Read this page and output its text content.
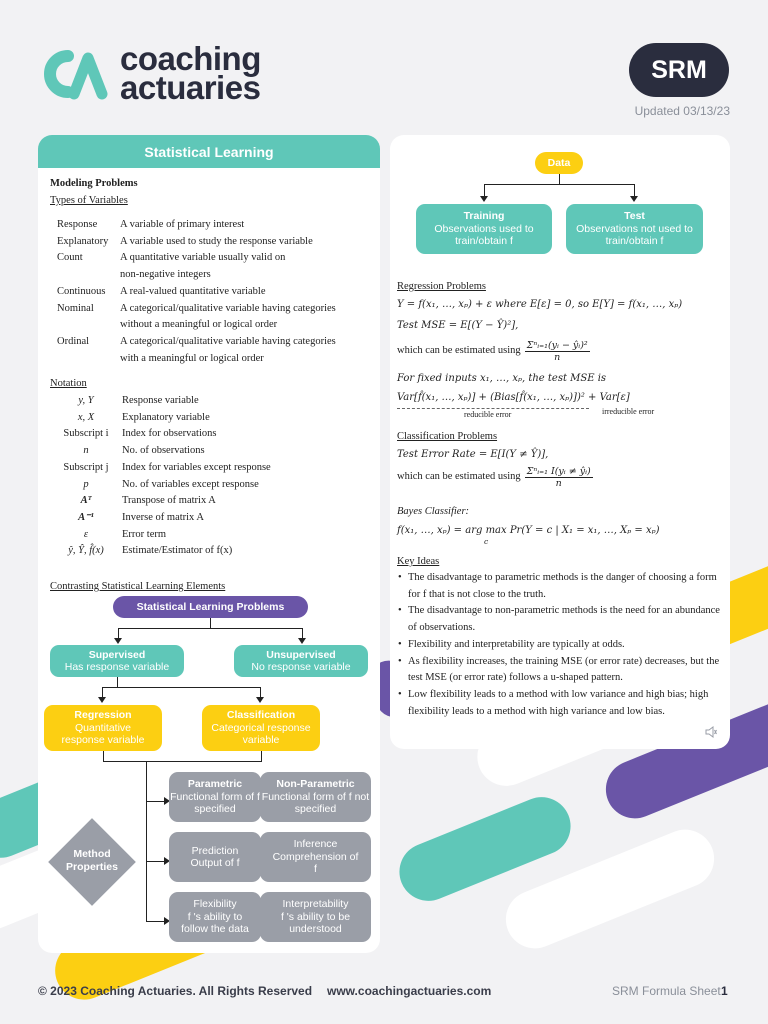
coaching
actuaries	SRM
Updated 03/13/23
Statistical Learning
Modeling Problems
Types of Variables
Response	A variable of primary interest
Explanatory	A variable used to study the response variable
Count	A quantitative variable usually valid on
non-negative integers
Continuous	A real-valued quantitative variable
Nominal	A categorical/qualitative variable having categories
without a meaningful or logical order
Ordinal	A categorical/qualitative variable having categories
with a meaningful or logical order
Notation
y, Y	Response variable
x, X	Explanatory variable
Subscript i	Index for observations
n	No. of observations
Subscript j	Index for variables except response
p	No. of variables except response
Aᵀ	Transpose of matrix A
A⁻¹	Inverse of matrix A
ε	Error term
ŷ, Ŷ, f̂(x)	Estimate/Estimator of f(x)
Contrasting Statistical Learning Elements
Statistical Learning Problems
Supervised
Has response variable
Unsupervised
No response variable
Regression
Quantitative response variable
Classification
Categorical response variable
Method
Properties
Parametric
Functional form of f specified
Non-Parametric
Functional form of f not specified
Prediction
Output of f
Inference
Comprehension of f
Flexibility
f 's ability to follow the data
Interpretability
f 's ability to be understood
Data
Training
Observations used to train/obtain f
Test
Observations not used to train/obtain f
Regression Problems
Y = f(x₁, …, xₚ) + ε where E[ε] = 0, so E[Y] = f(x₁, …, xₚ)
Test MSE = E[(Y − Ŷ)²],
which can be estimated using $\frac{\text{Σⁿᵢ₌₁(yᵢ − ŷᵢ)²}}{n}$
For fixed inputs x₁, …, xₚ, the test MSE is
Var[f̂(x₁, …, xₚ)] + (Bias[f̂(x₁, …, xₚ)])² + Var[ε]
reducible error	irreducible error
Classification Problems
Test Error Rate = E[I(Y ≠ Ŷ)],
which can be estimated using $\frac{\text{Σⁿᵢ₌₁ I(yᵢ ≠ ŷᵢ)}}{n}$
Bayes Classifier:
f(x₁, …, xₚ) = arg max Pr(Y = c | X₁ = x₁, …, Xₚ = xₚ)
c
Key Ideas
• The disadvantage to parametric methods is the danger of choosing a form for f that is not close to the truth.
• The disadvantage to non-parametric methods is the need for an abundance of observations.
• Flexibility and interpretability are typically at odds.
• As flexibility increases, the training MSE (or error rate) decreases, but the test MSE (or error rate) follows a u-shaped pattern.
• Low flexibility leads to a method with low variance and high bias; high flexibility leads to a method with high variance and low bias.
© 2023 Coaching Actuaries. All Rights Reserved www.coachingactuaries.com	SRM Formula Sheet 1
